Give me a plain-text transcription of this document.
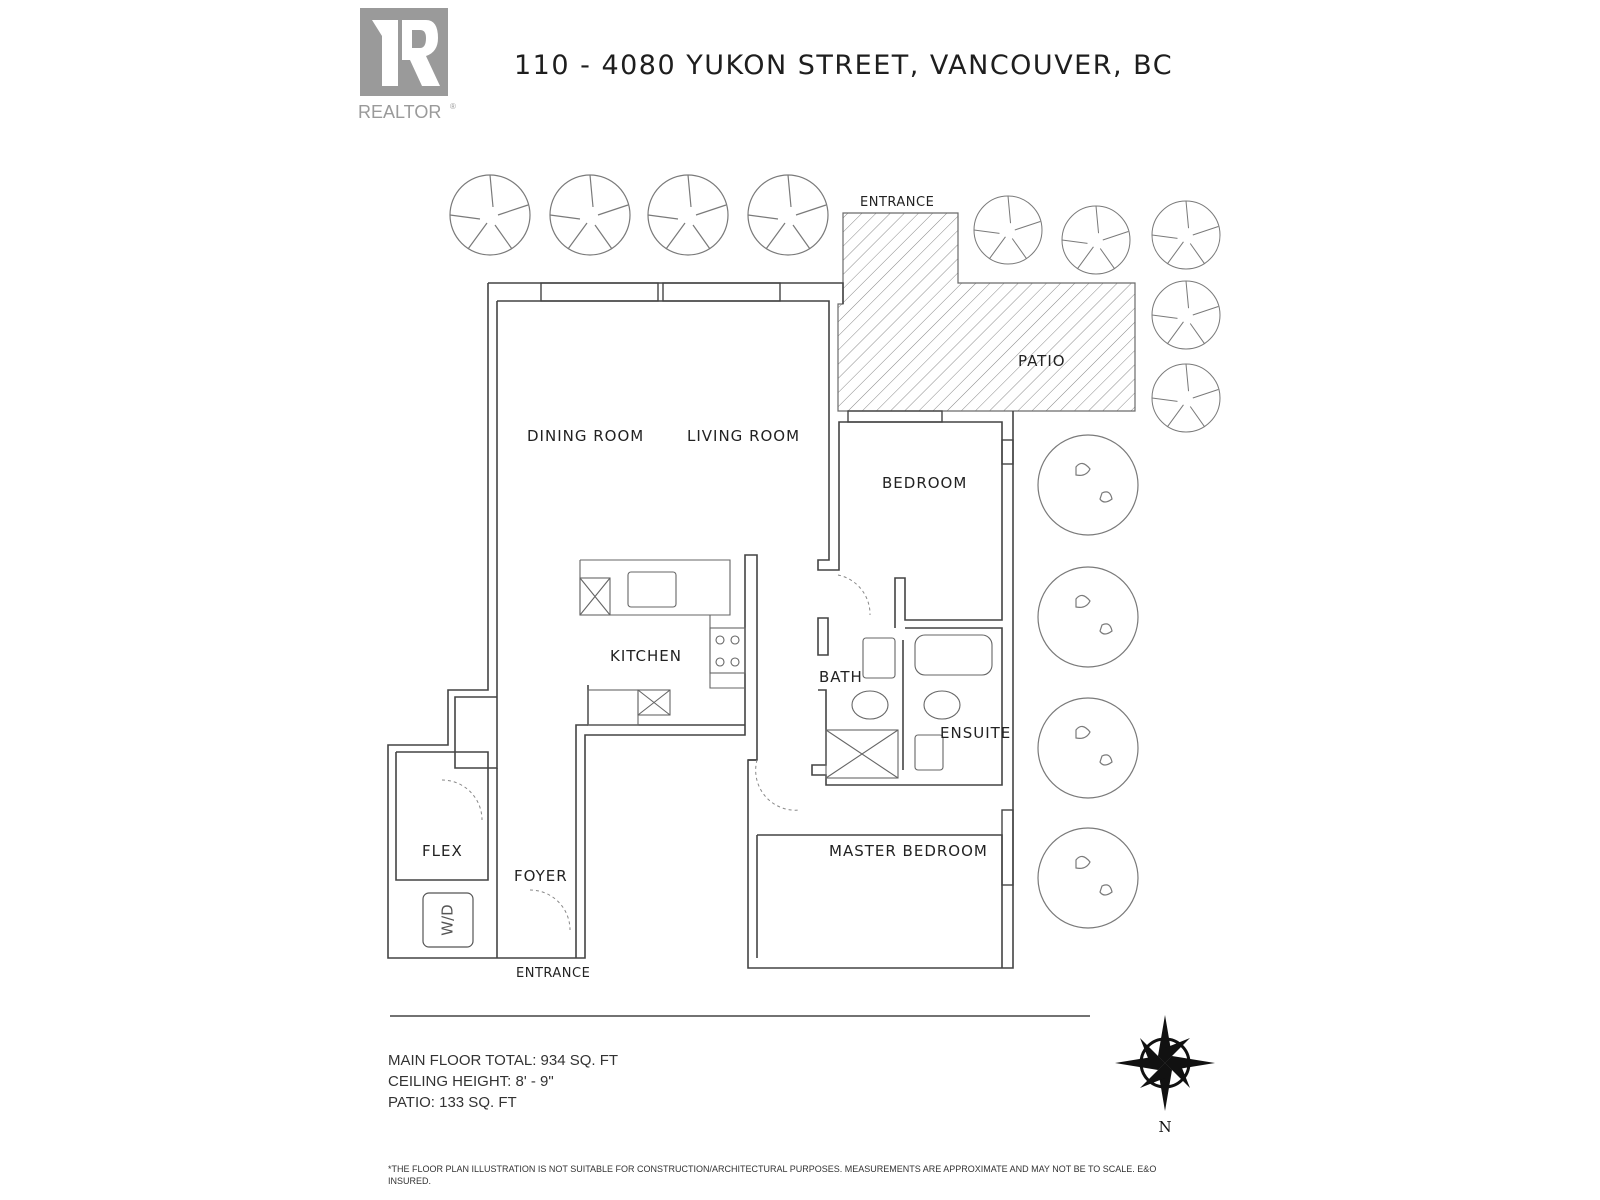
REALTOR ®
110 - 4080 YUKON STREET, VANCOUVER, BC
W/D
ENTRANCE
PATIO
DINING ROOM	LIVING ROOM
BEDROOM
KITCHEN
BATH
ENSUITE
MASTER BEDROOM
FLEX
FOYER
ENTRANCE
MAIN FLOOR TOTAL: 934 SQ. FT
CEILING HEIGHT: 8' - 9"
PATIO: 133 SQ. FT
N
*THE FLOOR PLAN ILLUSTRATION IS NOT SUITABLE FOR CONSTRUCTION/ARCHITECTURAL PURPOSES. MEASUREMENTS ARE APPROXIMATE AND MAY NOT BE TO SCALE. E&O INSURED.
